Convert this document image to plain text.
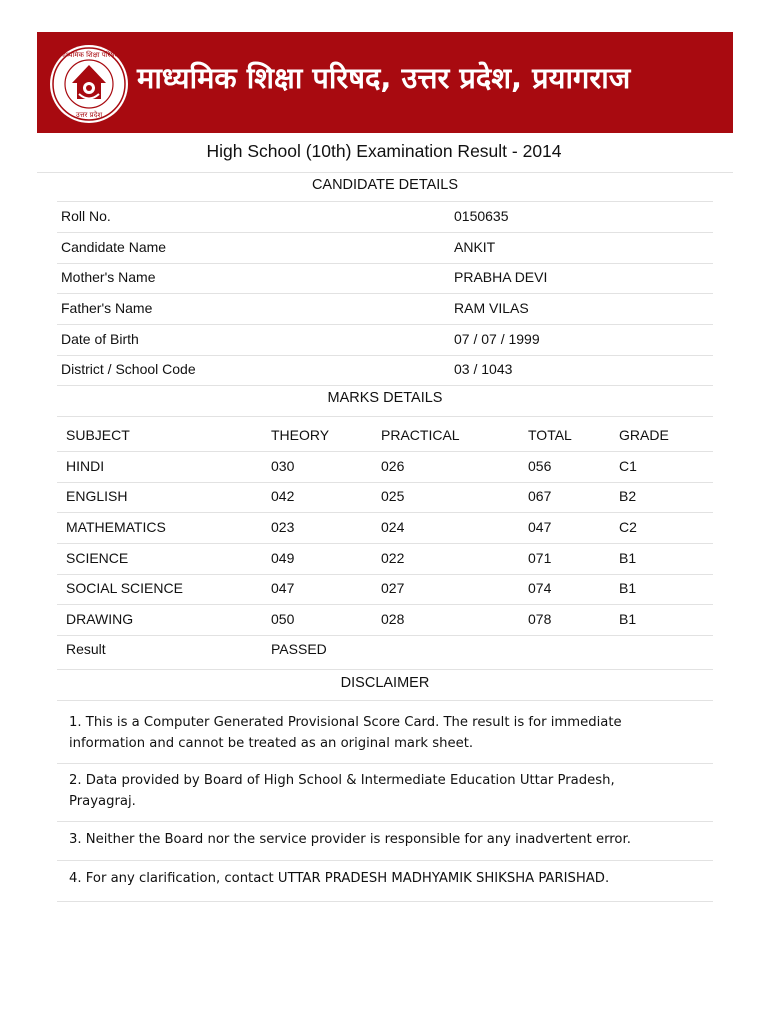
माध्यमिक शिक्षा परिषद
उत्तर प्रदेश
माध्यमिक शिक्षा परिषद, उत्तर प्रदेश, प्रयागराज
High School (10th) Examination Result - 2014
CANDIDATE DETAILS
Roll No.	0150635
Candidate Name	ANKIT
Mother's Name	PRABHA DEVI
Father's Name	RAM VILAS
Date of Birth	07 / 07 / 1999
District / School Code	03 / 1043
MARKS DETAILS
SUBJECT	THEORY	PRACTICAL	TOTAL	GRADE
HINDI	030	026	056	C1
ENGLISH	042	025	067	B2
MATHEMATICS	023	024	047	C2
SCIENCE	049	022	071	B1
SOCIAL SCIENCE	047	027	074	B1
DRAWING	050	028	078	B1
Result	PASSED
DISCLAIMER
1. This is a Computer Generated Provisional Score Card. The result is for immediate information and cannot be treated as an original mark sheet.
2. Data provided by Board of High School & Intermediate Education Uttar Pradesh, Prayagraj.
3. Neither the Board nor the service provider is responsible for any inadvertent error.
4. For any clarification, contact UTTAR PRADESH MADHYAMIK SHIKSHA PARISHAD.
